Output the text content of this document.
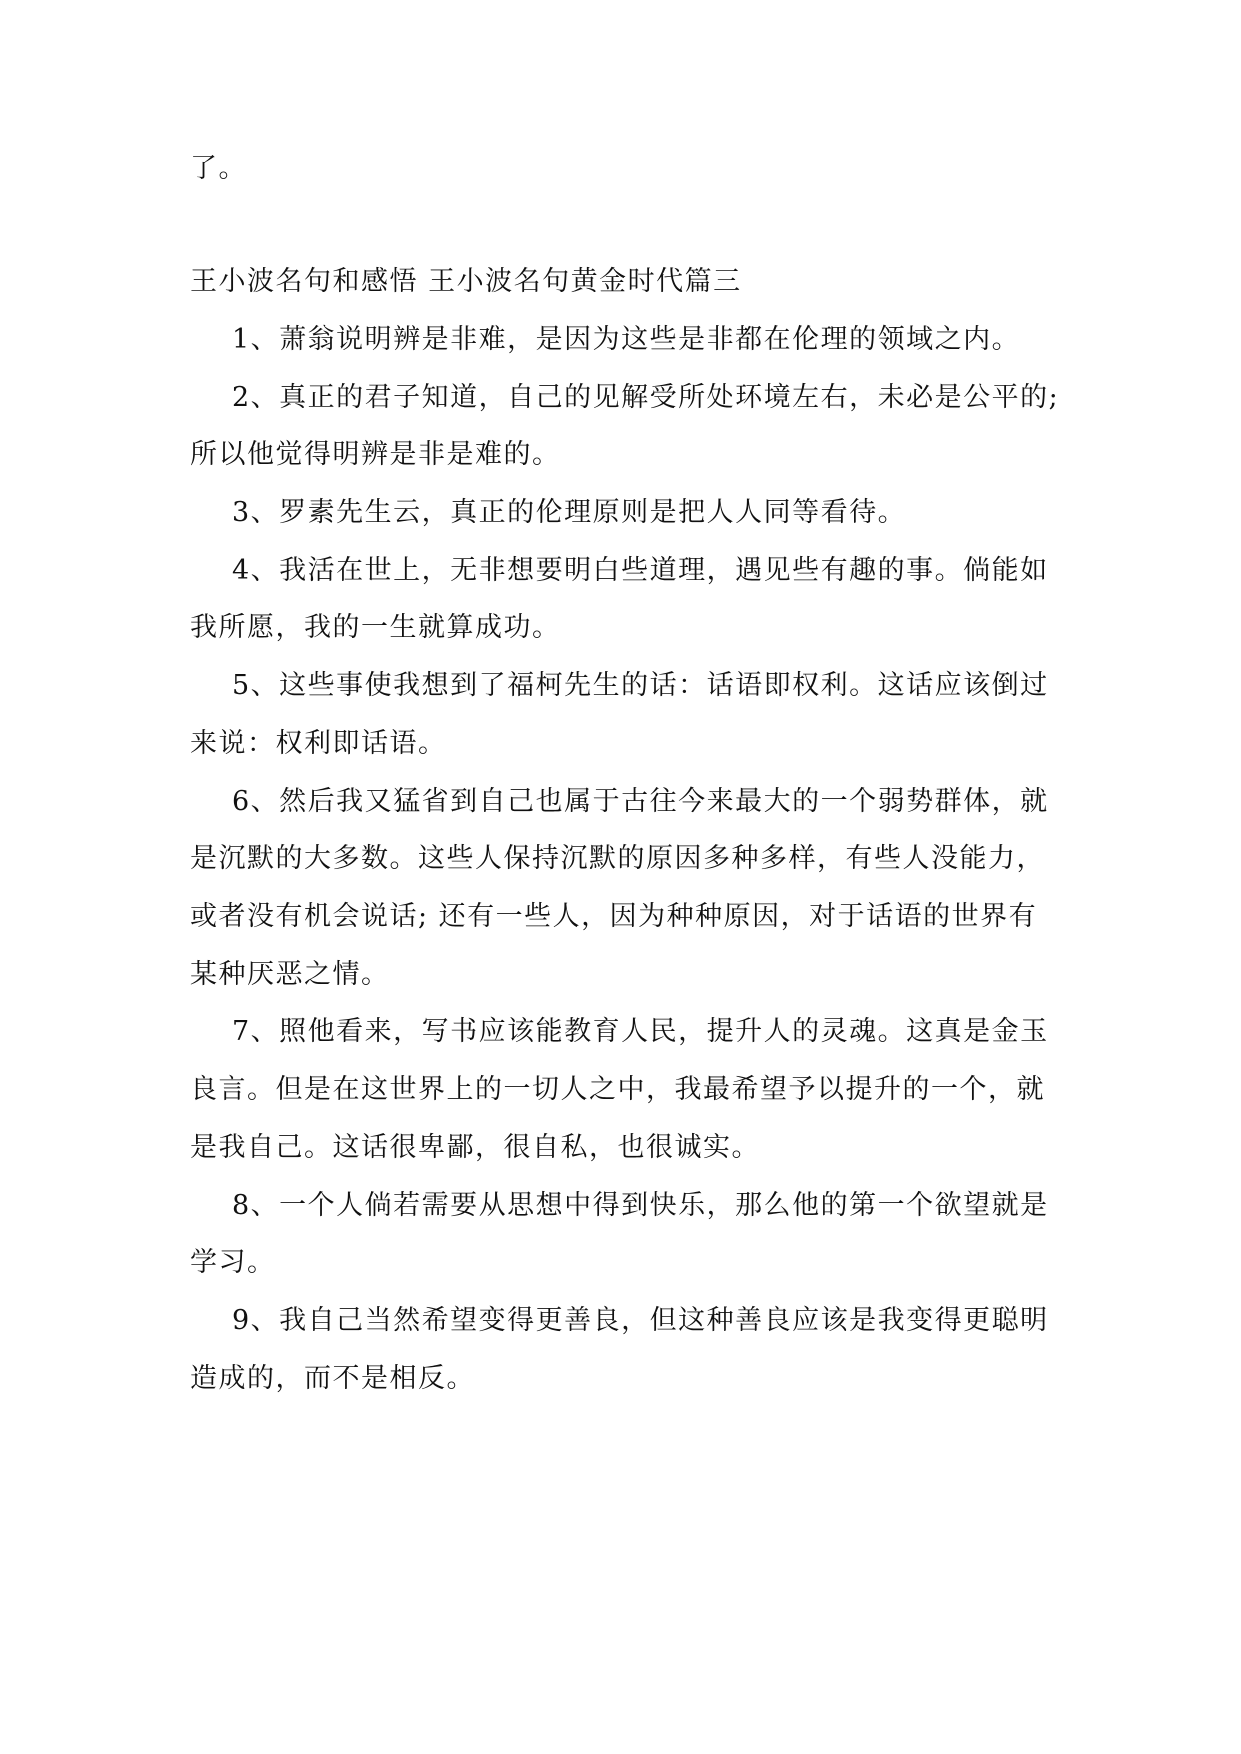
了。
王小波名句和感悟 王小波名句黄金时代篇三
1、萧翁说明辨是非难，是因为这些是非都在伦理的领域之内。
2、真正的君子知道，自己的见解受所处环境左右，未必是公平的;
所以他觉得明辨是非是难的。
3、罗素先生云，真正的伦理原则是把人人同等看待。
4、我活在世上，无非想要明白些道理，遇见些有趣的事。倘能如
我所愿，我的一生就算成功。
5、这些事使我想到了福柯先生的话：话语即权利。这话应该倒过
来说：权利即话语。
6、然后我又猛省到自己也属于古往今来最大的一个弱势群体，就
是沉默的大多数。这些人保持沉默的原因多种多样，有些人没能力，
或者没有机会说话; 还有一些人，因为种种原因，对于话语的世界有
某种厌恶之情。
7、照他看来，写书应该能教育人民，提升人的灵魂。这真是金玉
良言。但是在这世界上的一切人之中，我最希望予以提升的一个，就
是我自己。这话很卑鄙，很自私，也很诚实。
8、一个人倘若需要从思想中得到快乐，那么他的第一个欲望就是
学习。
9、我自己当然希望变得更善良，但这种善良应该是我变得更聪明
造成的，而不是相反。
